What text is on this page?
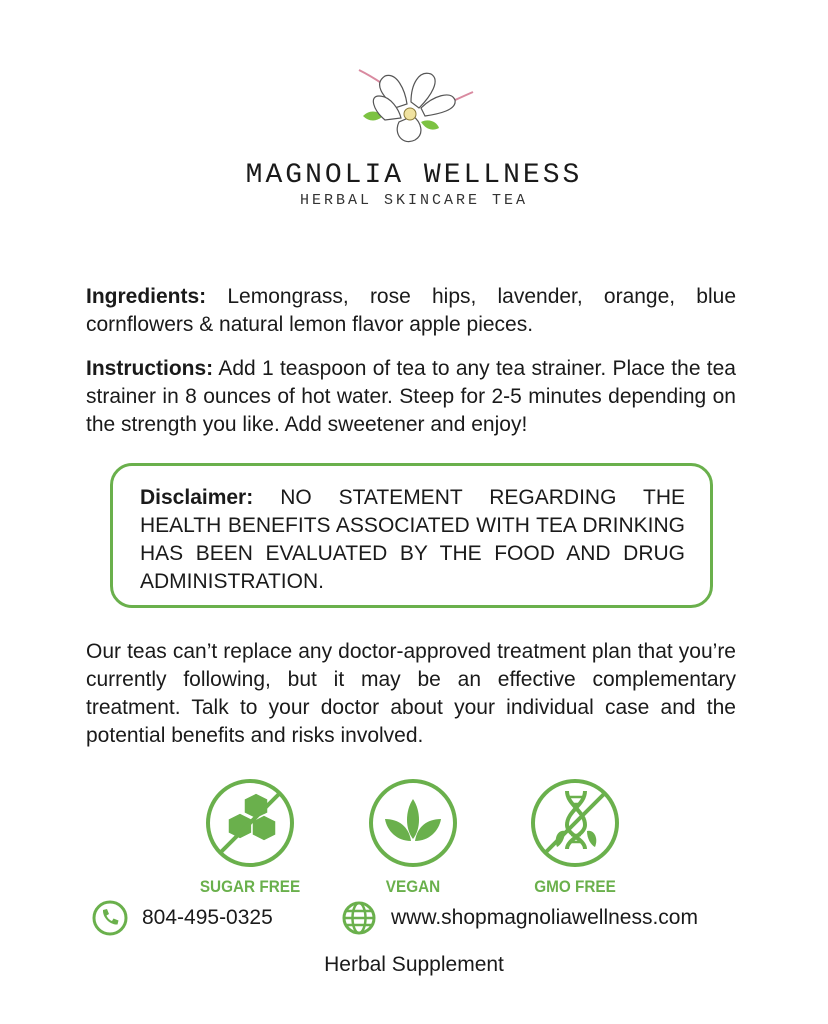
MAGNOLIA WELLNESS
HERBAL SKINCARE TEA

Ingredients: Lemongrass, rose hips, lavender, orange, blue cornflowers & natural lemon flavor apple pieces.

Instructions: Add 1 teaspoon of tea to any tea strainer. Place the tea strainer in 8 ounces of hot water. Steep for 2-5 minutes depending on the strength you like. Add sweetener and enjoy!

Disclaimer: NO STATEMENT REGARDING THE HEALTH BENEFITS ASSOCIATED WITH TEA DRINKING HAS BEEN EVALUATED BY THE FOOD AND DRUG ADMINISTRATION.

Our teas can’t replace any doctor-approved treatment plan that you’re currently following, but it may be an effective complementary treatment. Talk to your doctor about your individual case and the potential benefits and risks involved.

SUGAR FREE	VEGAN	GMO FREE
804-495-0325	www.shopmagnoliawellness.com
Herbal Supplement
